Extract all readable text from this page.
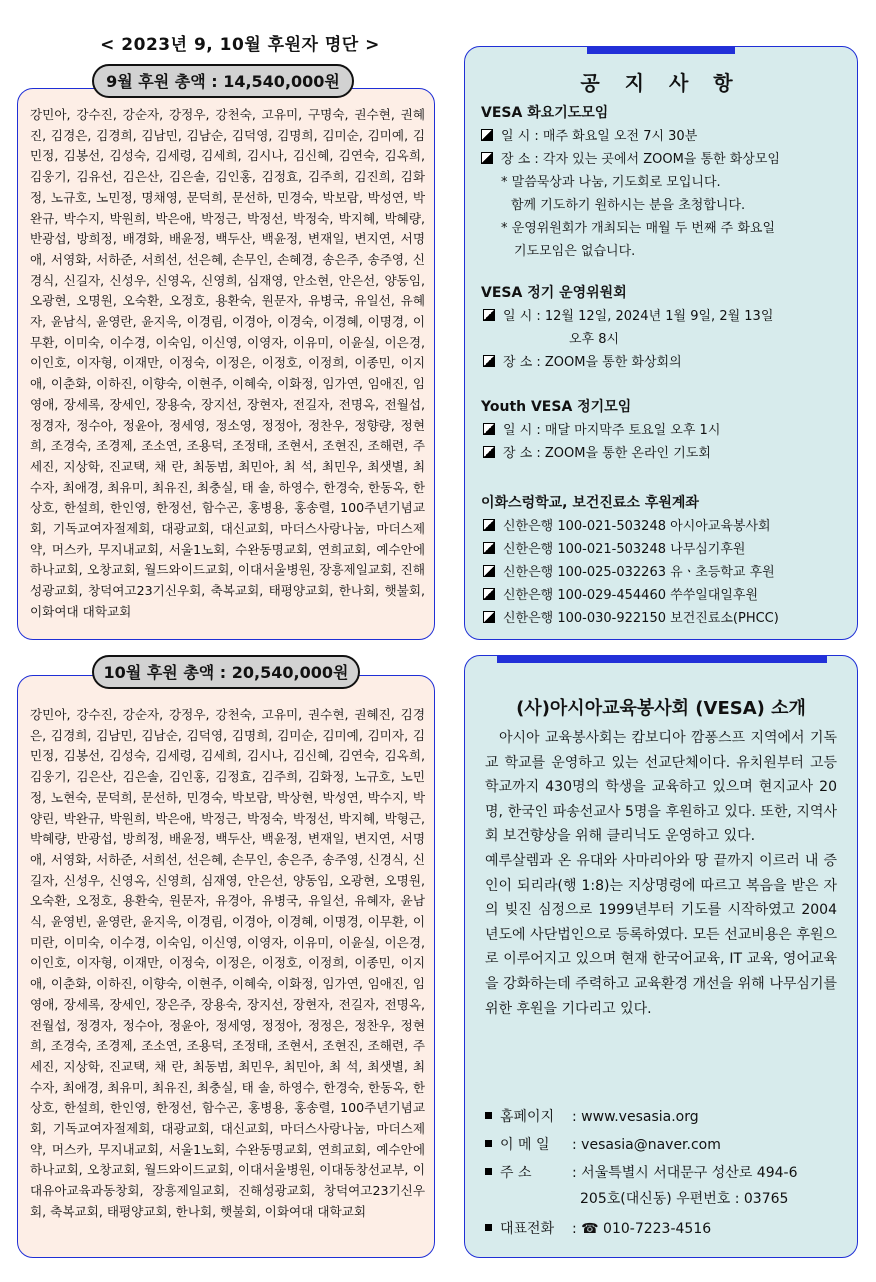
< 2023년 9, 10월 후원자 명단 >
9월 후원 총액 : 14,540,000원
강민아, 강수진, 강순자, 강정우, 강천숙, 고유미, 구명숙, 권수현, 권혜진, 김경은, 김경희, 김남민, 김남순, 김덕영, 김명희, 김미순, 김미예, 김민정, 김봉선, 김성숙, 김세령, 김세희, 김시나, 김신혜, 김연숙, 김옥희, 김웅기, 김유선, 김은산, 김은솔, 김인홍, 김정효, 김주희, 김진희, 김화정, 노규호, 노민정, 명채영, 문덕희, 문선하, 민경숙, 박보람, 박성연, 박완규, 박수지, 박원희, 박은애, 박정근, 박정선, 박정숙, 박지혜, 박혜량, 반광섭, 방희정, 배경화, 배윤정, 백두산, 백윤정, 변재일, 변지연, 서명애, 서영화, 서하준, 서희선, 선은혜, 손무인, 손혜경, 송은주, 송주영, 신경식, 신길자, 신성우, 신영옥, 신영희, 심재영, 안소현, 안은선, 양동임, 오광현, 오명원, 오숙환, 오정호, 용환숙, 원문자, 유병국, 유일선, 유혜자, 윤남식, 윤영란, 윤지욱, 이경림, 이경아, 이경숙, 이경혜, 이명경, 이무환, 이미숙, 이수경, 이숙임, 이신영, 이영자, 이유미, 이윤실, 이은경, 이인호, 이자형, 이재만, 이정숙, 이정은, 이정호, 이정희, 이종민, 이지애, 이춘화, 이하진, 이향숙, 이현주, 이혜숙, 이화정, 임가연, 임애진, 임영애, 장세록, 장세인, 장용숙, 장지선, 장현자, 전길자, 전명옥, 전월섭, 정경자, 정수아, 정윤아, 정세영, 정소영, 정정아, 정찬우, 정향량, 정현희, 조경숙, 조경제, 조소연, 조용덕, 조정태, 조현서, 조현진, 조해련, 주세진, 지상학, 진교택, 채 란, 최동범, 최민아, 최 석, 최민우, 최샛별, 최수자, 최애경, 최유미, 최유진, 최충실, 태 솔, 하영수, 한경숙, 한동옥, 한상호, 한설희, 한인영, 한정선, 함수곤, 홍병용, 홍송렬, 100주년기념교회, 기독교여자절제회, 대광교회, 대신교회, 마더스사랑나눔, 마더스제약, 머스카, 무지내교회, 서울1노회, 수완동명교회, 연희교회, 예수안에 하나교회, 오창교회, 월드와이드교회, 이대서울병원, 장흥제일교회, 진해성광교회, 창덕여고23기신우회, 축복교회, 태평양교회, 한나회, 햇불회, 이화여대 대학교회
10월 후원 총액 : 20,540,000원
강민아, 강수진, 강순자, 강정우, 강천숙, 고유미, 권수현, 권혜진, 김경은, 김경희, 김남민, 김남순, 김덕영, 김명희, 김미순, 김미예, 김미자, 김민정, 김봉선, 김성숙, 김세령, 김세희, 김시나, 김신혜, 김연숙, 김옥희, 김웅기, 김은산, 김은솔, 김인홍, 김정효, 김주희, 김화정, 노규호, 노민정, 노현숙, 문덕희, 문선하, 민경숙, 박보람, 박상현, 박성연, 박수지, 박양린, 박완규, 박원희, 박은애, 박정근, 박정숙, 박정선, 박지혜, 박형근, 박혜량, 반광섭, 방희정, 배윤정, 백두산, 백윤정, 변재일, 변지연, 서명애, 서영화, 서하준, 서희선, 선은혜, 손무인, 송은주, 송주영, 신경식, 신길자, 신성우, 신영옥, 신영희, 심재영, 안은선, 양동임, 오광현, 오명원, 오숙환, 오정호, 용환숙, 원문자, 유경아, 유병국, 유일선, 유혜자, 윤남식, 윤영빈, 윤영란, 윤지욱, 이경림, 이경아, 이경혜, 이명경, 이무환, 이미란, 이미숙, 이수경, 이숙임, 이신영, 이영자, 이유미, 이윤실, 이은경, 이인호, 이자형, 이재만, 이정숙, 이정은, 이정호, 이정희, 이종민, 이지애, 이춘화, 이하진, 이향숙, 이현주, 이혜숙, 이화정, 임가연, 임애진, 임영애, 장세록, 장세인, 장은주, 장용숙, 장지선, 장현자, 전길자, 전명옥, 전월섭, 정경자, 정수아, 정윤아, 정세영, 정정아, 정정은, 정찬우, 정현희, 조경숙, 조경제, 조소연, 조용덕, 조정태, 조현서, 조현진, 조해련, 주세진, 지상학, 진교택, 채 란, 최동범, 최민우, 최민아, 최 석, 최샛별, 최수자, 최애경, 최유미, 최유진, 최충실, 태 솔, 하영수, 한경숙, 한동옥, 한상호, 한설희, 한인영, 한정선, 함수곤, 홍병용, 홍송렬, 100주년기념교회, 기독교여자절제회, 대광교회, 대신교회, 마더스사랑나눔, 마더스제약, 머스카, 무지내교회, 서울1노회, 수완동명교회, 연희교회, 예수안에 하나교회, 오창교회, 월드와이드교회, 이대서울병원, 이대동창선교부, 이대유아교육과동창회, 장흥제일교회, 진해성광교회, 창덕여고23기신우회, 축복교회, 태평양교회, 한나회, 햇불회, 이화여대 대학교회
공 지 사 항
VESA 화요기도모임
일 시 : 매주 화요일 오전 7시 30분
장 소 : 각자 있는 곳에서 ZOOM을 통한 화상모임
* 말씀묵상과 나눔, 기도회로 모입니다.
함께 기도하기 원하시는 분을 초청합니다.
* 운영위원회가 개최되는 매월 두 번째 주 화요일
기도모임은 없습니다.
VESA 정기 운영위원회
일 시 : 12월 12일, 2024년 1월 9일, 2월 13일
오후 8시
장 소 : ZOOM을 통한 화상회의
Youth VESA 정기모임
일 시 : 매달 마지막주 토요일 오후 1시
장 소 : ZOOM을 통한 온라인 기도회
이화스렁학교, 보건진료소 후원계좌
신한은행 100-021-503248 아시아교육봉사회
신한은행 100-021-503248 나무심기후원
신한은행 100-025-032263 유ㆍ초등학교 후원
신한은행 100-029-454460 쑤쑤일대일후원
신한은행 100-030-922150 보건진료소(PHCC)
(사)아시아교육봉사회 (VESA) 소개

아시아 교육봉사회는 캄보디아 깜퐁스프 지역에서 기독교 학교를 운영하고 있는 선교단체이다. 유치원부터 고등학교까지 430명의 학생을 교육하고 있으며 현지교사 20명, 한국인 파송선교사 5명을 후원하고 있다. 또한, 지역사회 보건향상을 위해 클리닉도 운영하고 있다.

예루살렘과 온 유대와 사마리아와 땅 끝까지 이르러 내 증인이 되리라(행 1:8)는 지상명령에 따르고 복음을 받은 자의 빚진 심정으로 1999년부터 기도를 시작하였고 2004년도에 사단법인으로 등록하였다. 모든 선교비용은 후원으로 이루어지고 있으며 현재 한국어교육, IT 교육, 영어교육을 강화하는데 주력하고 교육환경 개선을 위해 나무심기를 위한 후원을 기다리고 있다.

홈페이지 : www.vesasia.org
이 메 일 : vesasia@naver.com
주 소	: 서울특별시 서대문구 성산로 494-6
205호(대신동) 우편번호 : 03765
대표전화 : ☎ 010-7223-4516
